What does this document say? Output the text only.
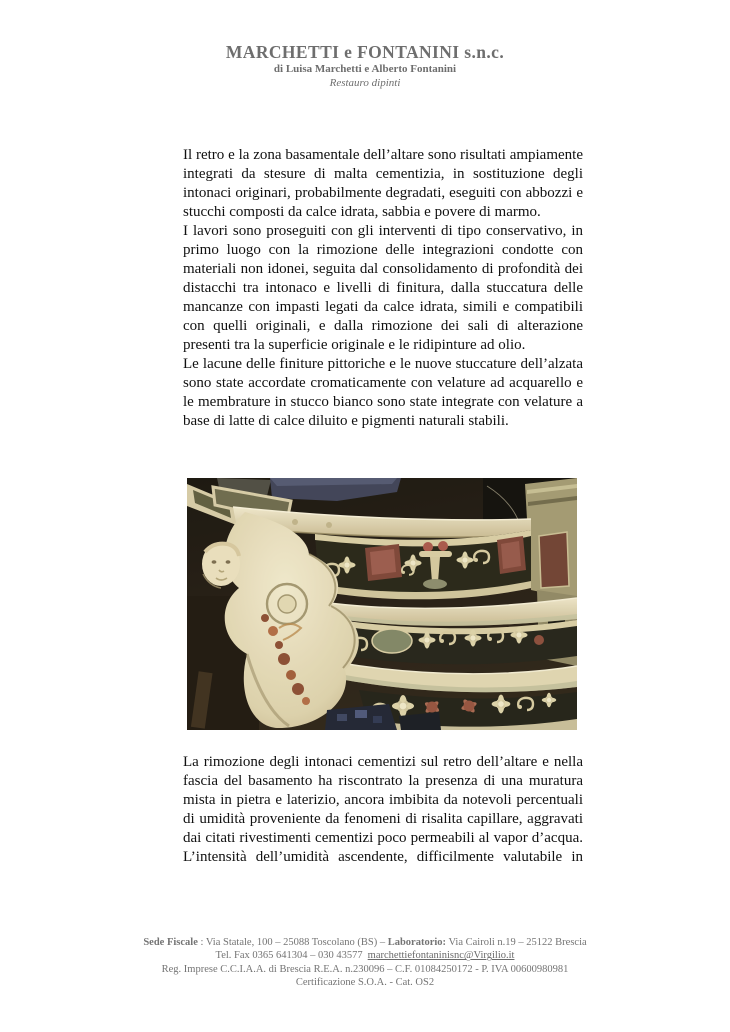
MARCHETTI e FONTANINI s.n.c.
di Luisa Marchetti e Alberto Fontanini
Restauro dipinti

Il retro e la zona basamentale dell’altare sono risultati ampiamente integrati da stesure di malta cementizia, in sostituzione degli intonaci originari, probabilmente degradati, eseguiti con abbozzi e stucchi composti da calce idrata, sabbia e povere di marmo.

I lavori sono proseguiti con gli interventi di tipo conservativo, in primo luogo con la rimozione delle integrazioni condotte con materiali non idonei, seguita dal consolidamento di profondità dei distacchi tra intonaco e livelli di finitura, dalla stuccatura delle mancanze con impasti legati da calce idrata, simili e compatibili con quelli originali, e dalla rimozione dei sali di alterazione presenti tra la superficie originale e le ridipinture ad olio.

Le lacune delle finiture pittoriche e le nuove stuccature dell’alzata sono state accordate cromaticamente con velature ad acquarello e le membrature in stucco bianco sono state integrate con velature a base di latte di calce diluito e pigmenti naturali stabili.

La rimozione degli intonaci cementizi sul retro dell’altare e nella fascia del basamento ha riscontrato la presenza di una muratura mista in pietra e laterizio, ancora imbibita da notevoli percentuali di umidità proveniente da fenomeni di risalita capillare, aggravati dai citati rivestimenti cementizi poco permeabili al vapor d’acqua. L’intensità dell’umidità ascendente, difficilmente valutabile in

Sede Fiscale : Via Statale, 100 – 25088 Toscolano (BS) – Laboratorio: Via Cairoli n.19 – 25122 Brescia
Tel. Fax 0365 641304 – 030 43577 marchettiefontaninisnc@Virgilio.it
Reg. Imprese C.C.I.A.A. di Brescia R.E.A. n.230096 – C.F. 01084250172 - P. IVA 00600980981
Certificazione S.O.A. - Cat. OS2
